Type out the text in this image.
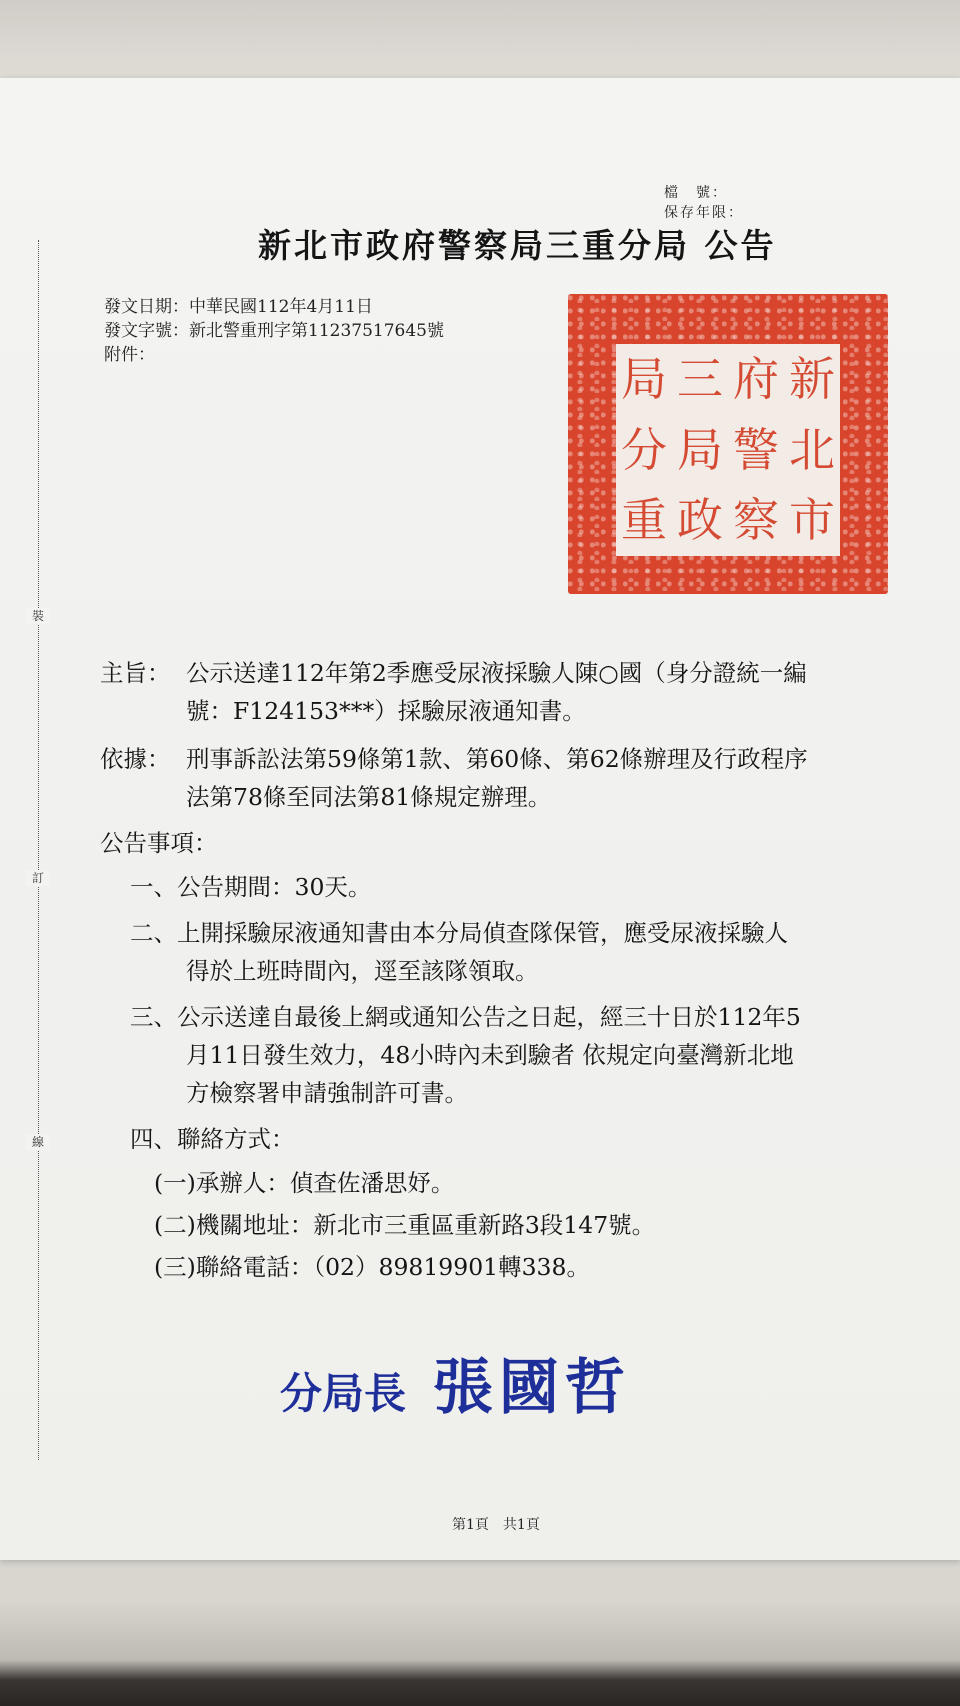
裝
訂
線
檔　號：
保存年限：
新北市政府警察局三重分局 公告
發文日期：中華民國112年4月11日
發文字號：新北警重刑字第11237517645號
附件：	局 三 府 新
分 局 警 北
重 政 察 市
主旨： 公示送達112年第2季應受尿液採驗人陳○國（身分證統一編
號：F124153***）採驗尿液通知書。
依據： 刑事訴訟法第59條第1款、第60條、第62條辦理及行政程序
法第78條至同法第81條規定辦理。
公告事項：
一、公告期間：30天。
二、上開採驗尿液通知書由本分局偵查隊保管，應受尿液採驗人
得於上班時間內，逕至該隊領取。
三、公示送達自最後上網或通知公告之日起，經三十日於112年5
月11日發生效力，48小時內未到驗者 依規定向臺灣新北地
方檢察署申請強制許可書。
四、聯絡方式：
(一)承辦人：偵查佐潘思妤。
(二)機關地址：新北市三重區重新路3段147號。
(三)聯絡電話：（02）89819901轉338。
分局長 張國哲
第1頁　共1頁
